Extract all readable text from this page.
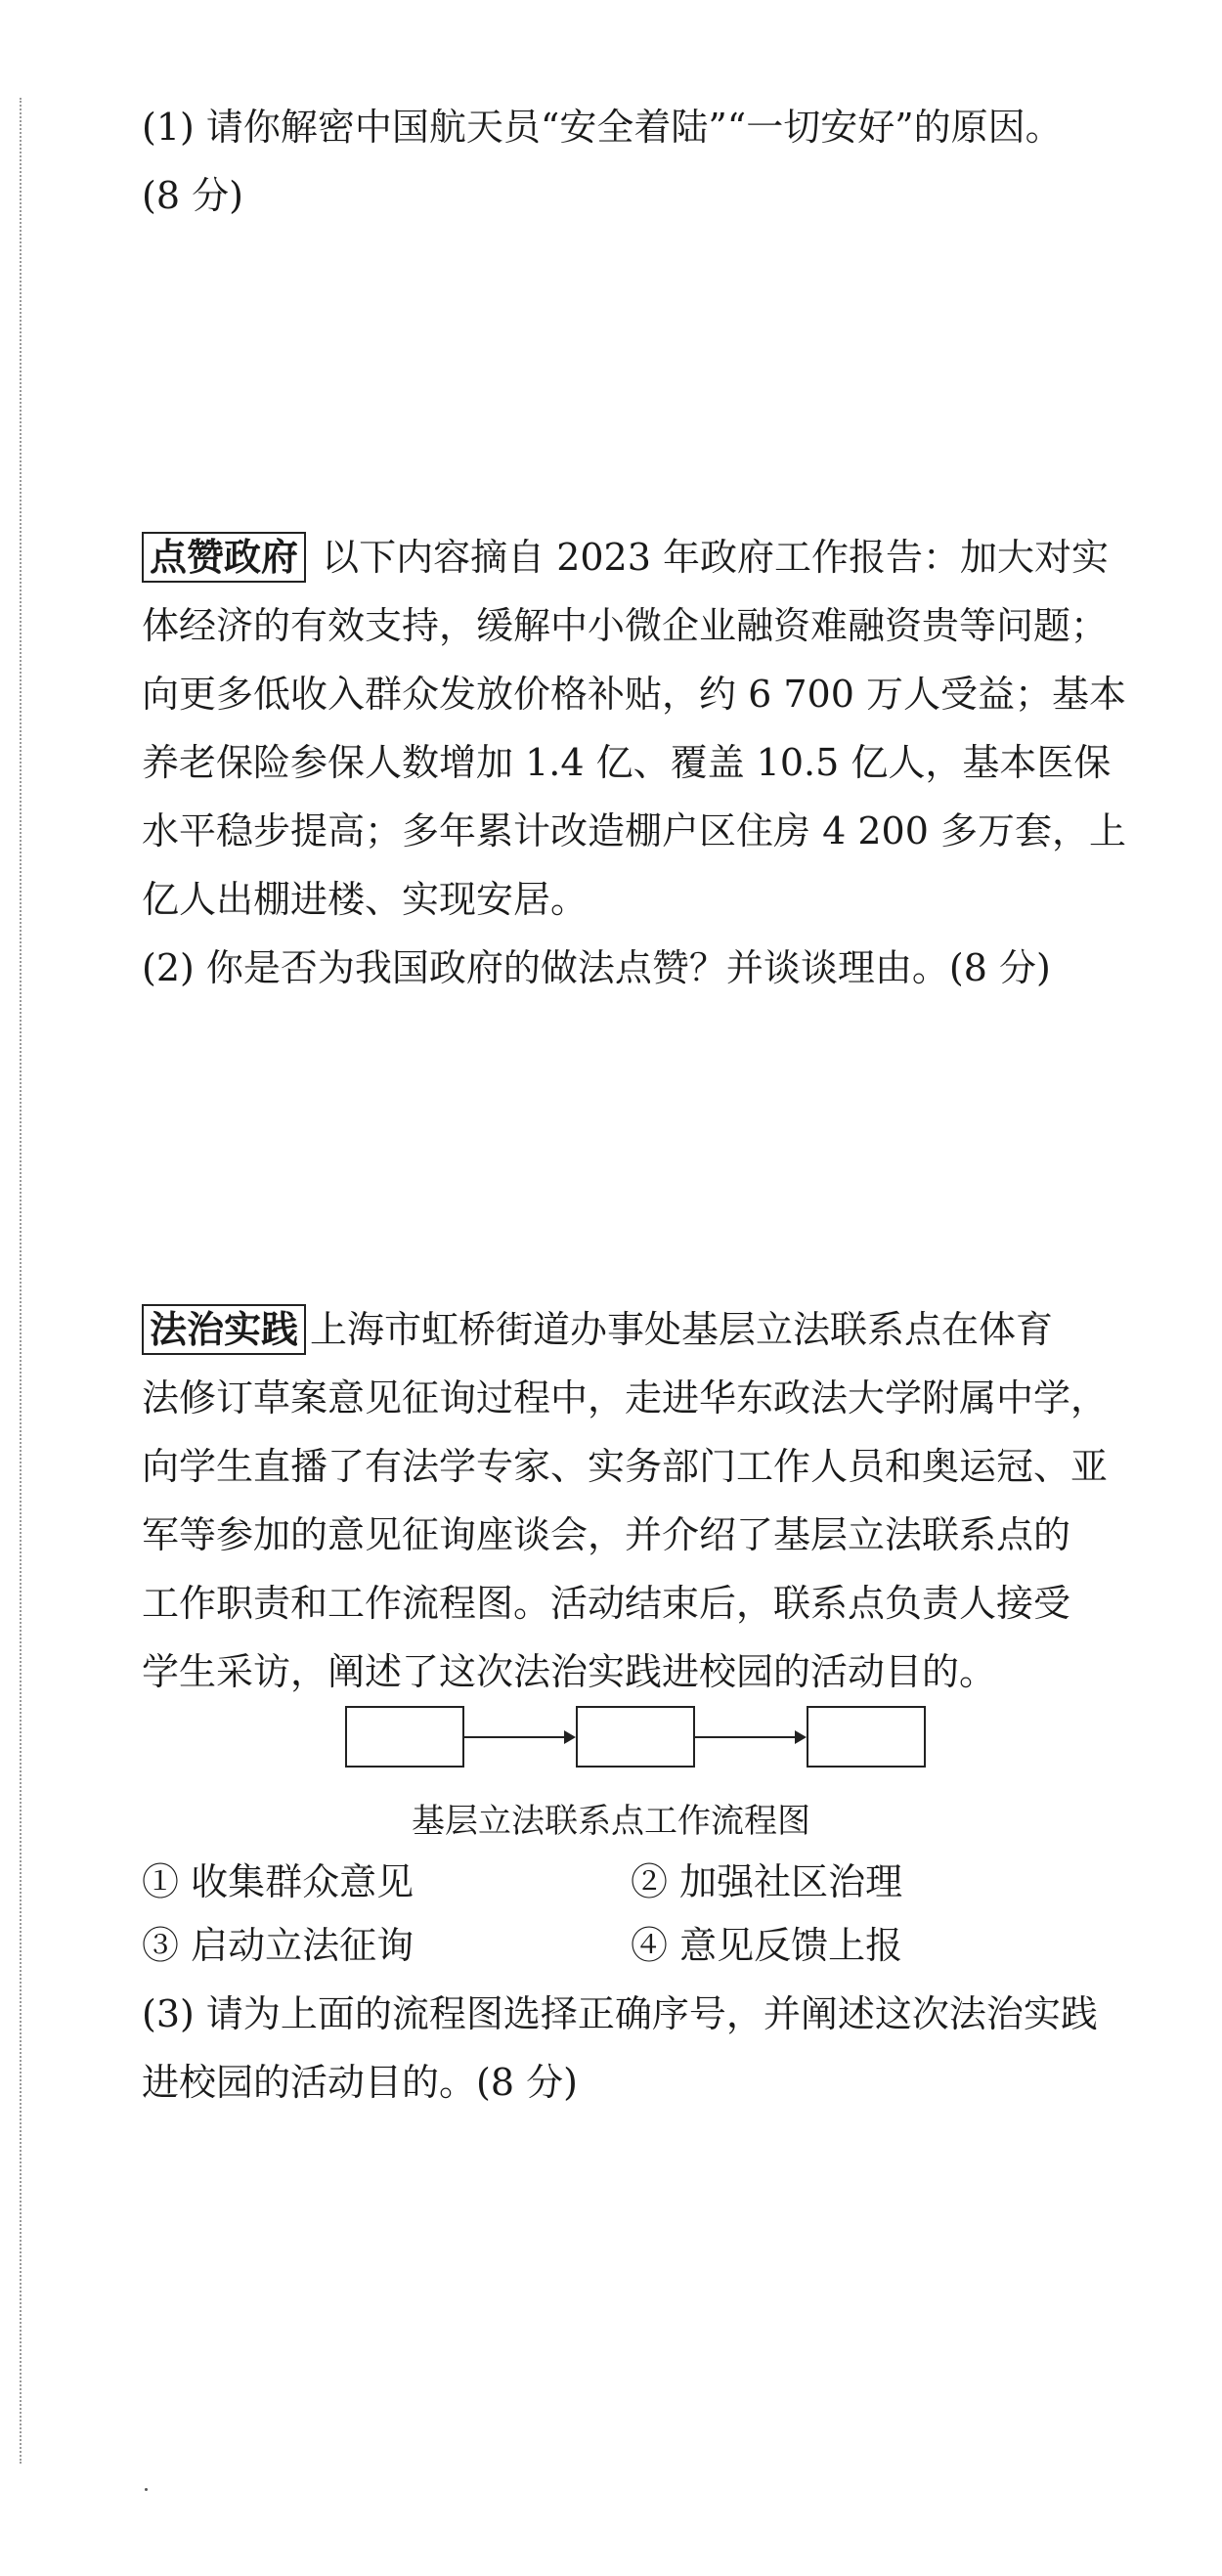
(1) 请你解密中国航天员“安全着陆”“一切安好”的原因。
(8 分)
点赞政府 以下内容摘自 2023 年政府工作报告：加大对实
体经济的有效支持，缓解中小微企业融资难融资贵等问题；
向更多低收入群众发放价格补贴，约 6 700 万人受益；基本
养老保险参保人数增加 1.4 亿、覆盖 10.5 亿人，基本医保
水平稳步提高；多年累计改造棚户区住房 4 200 多万套，上
亿人出棚进楼、实现安居。
(2) 你是否为我国政府的做法点赞？并谈谈理由。(8 分)
法治实践 上海市虹桥街道办事处基层立法联系点在体育
法修订草案意见征询过程中，走进华东政法大学附属中学，
向学生直播了有法学专家、实务部门工作人员和奥运冠、亚
军等参加的意见征询座谈会，并介绍了基层立法联系点的
工作职责和工作流程图。活动结束后，联系点负责人接受
学生采访，阐述了这次法治实践进校园的活动目的。
基层立法联系点工作流程图
① 收集群众意见	② 加强社区治理
③ 启动立法征询	④ 意见反馈上报
(3) 请为上面的流程图选择正确序号，并阐述这次法治实践
进校园的活动目的。(8 分)
